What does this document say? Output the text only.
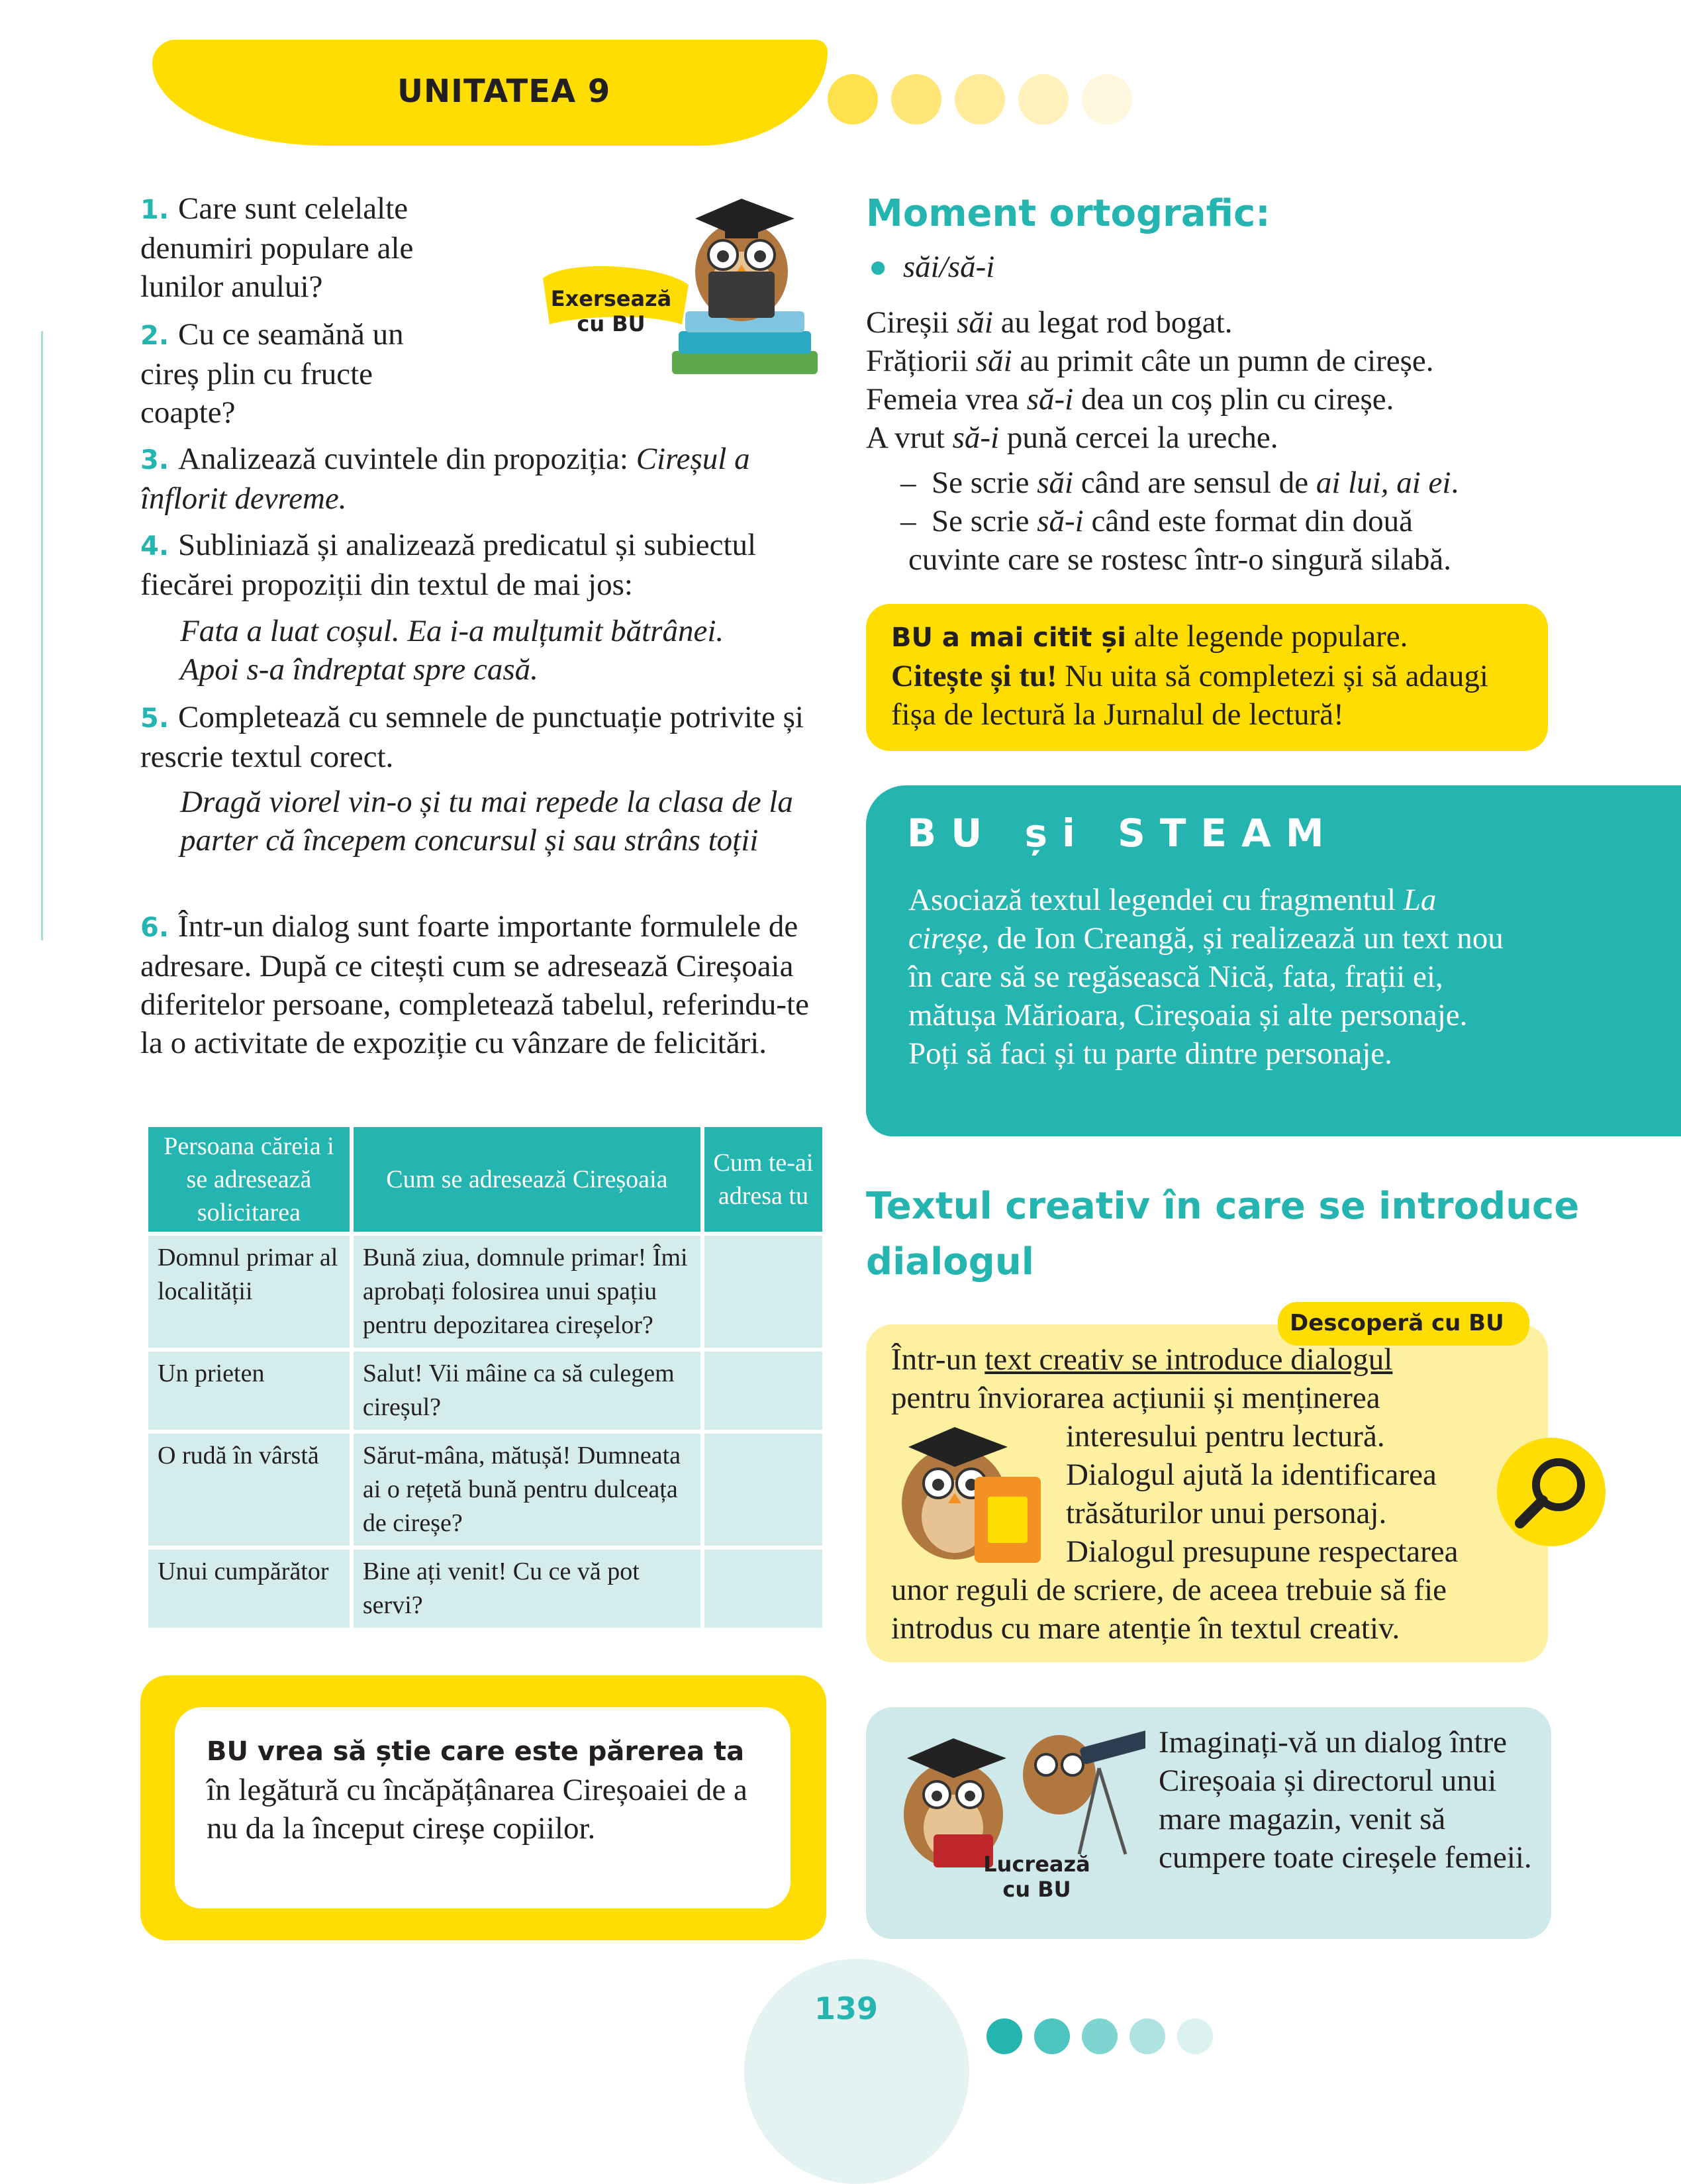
UNITATEA 9
1. Care sunt celelalte denumiri populare ale lunilor anului?
2. Cu ce seamănă un cireș plin cu fructe coapte?
3. Analizează cuvintele din propoziția: Cireșul a înflorit devreme.
4. Subliniază și analizează predicatul și subiectul fiecărei propoziții din textul de mai jos:
Fata a luat coșul. Ea i-a mulțumit bătrânei.
Apoi s-a îndreptat spre casă.
5. Completează cu semnele de punctuație potrivite și rescrie textul corect.
Dragă viorel vin-o și tu mai repede la clasa de la parter că începem concursul și sau strâns toții
6. Într-un dialog sunt foarte importante formulele de adresare. După ce citești cum se adresează Cireșoaia diferitelor persoane, completează tabelul, referindu-te la o activitate de expoziție cu vânzare de felicitări.
Exersează
cu BU
Persoana căreia i se adresează solicitarea	Cum se adresează Cireșoaia	Cum te-ai adresa tu
Domnul primar al localității	Bună ziua, domnule primar! Îmi aprobați folosirea unui spațiu pentru depozitarea cireșelor?	
Un prieten	Salut! Vii mâine ca să culegem cireșul?	
O rudă în vârstă	Sărut-mâna, mătușă! Dumneata ai o rețetă bună pentru dulceața de cireșe?	
Unui cumpărător	Bine ați venit! Cu ce vă pot servi?	
BU vrea să știe care este părerea ta în legătură cu încăpățânarea Cireșoaiei de a nu da la început cireșe copiilor.
Moment ortografic:
● săi/să-i
Cireșii săi au legat rod bogat.
Frățiorii săi au primit câte un pumn de cireșe.
Femeia vrea să-i dea un coș plin cu cireșe.
A vrut să-i pună cercei la ureche.
–  Se scrie săi când are sensul de ai lui, ai ei.
–  Se scrie să-i când este format din două
cuvinte care se rostesc într-o singură silabă.
BU a mai citit și alte legende populare.
Citește și tu! Nu uita să completezi și să adaugi fișa de lectură la Jurnalul de lectură!
BU și STEAM
Asociază textul legendei cu fragmentul La cireșe, de Ion Creangă, și realizează un text nou în care să se regăsească Nică, fata, frații ei, mătușa Mărioara, Cireșoaia și alte personaje. Poți să faci și tu parte dintre personaje.
Textul creativ în care se introduce
dialogul
Descoperă cu BU
Într-un text creativ se introduce dialogul
pentru înviorarea acțiunii și menținerea
interesului pentru lectură.
Dialogul ajută la identificarea
trăsăturilor unui personaj.
Dialogul presupune respectarea
unor reguli de scriere, de aceea trebuie să fie
introdus cu mare atenție în textul creativ.
Lucrează
cu BU
Imaginați-vă un dialog între Cireșoaia și directorul unui mare magazin, venit să cumpere toate cireșele femeii.
139
